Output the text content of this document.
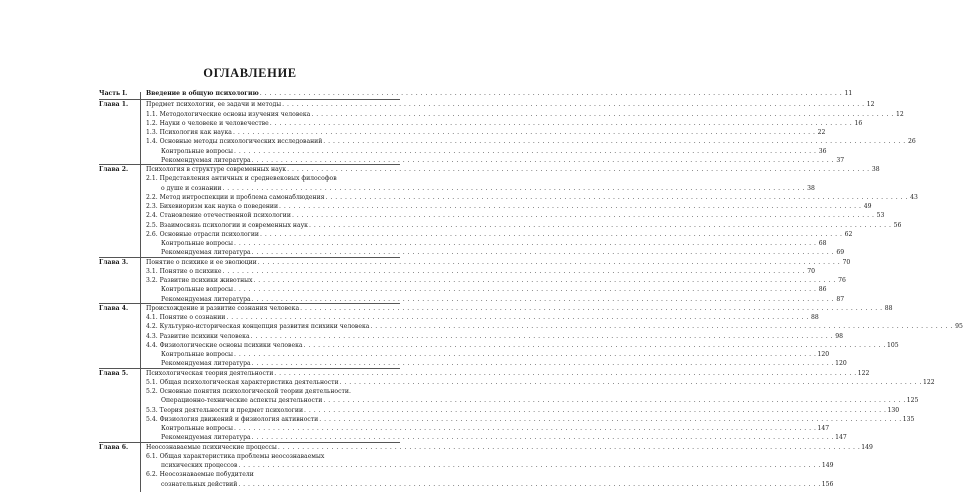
ОГЛАВЛЕНИЕ
Часть I.	Введение в общую психологию . . . . . . . . . . . . . . . . . . . . . . . . . . . . . . . . . . . . . . . . . . . . . . . . . . . . . . . . . . . . . . . . . . . . . . . . . . . . . . . . . . . . . . . . . . . . . . . . . . . . . . . . . . . . . . . . . . . . . . . . 11
Глава 1.	Предмет психологии, ее задачи и методы . . . . . . . . . . . . . . . . . . . . . . . . . . . . . . . . . . . . . . . . . . . . . . . . . . . . . . . . . . . . . . . . . . . . . . . . . . . . . . . . . . . . . . . . . . . . . . . . . . . . . . . . . . . . . . . . . . . . . . . . 12
1.1. Методологические основы изучения человека . . . . . . . . . . . . . . . . . . . . . . . . . . . . . . . . . . . . . . . . . . . . . . . . . . . . . . . . . . . . . . . . . . . . . . . . . . . . . . . . . . . . . . . . . . . . . . . . . . . . . . . . . . . . . . . . . . . . . . . . 12
1.2. Науки о человеке и человечестве . . . . . . . . . . . . . . . . . . . . . . . . . . . . . . . . . . . . . . . . . . . . . . . . . . . . . . . . . . . . . . . . . . . . . . . . . . . . . . . . . . . . . . . . . . . . . . . . . . . . . . . . . . . . . . . . . . . . . . . . 16
1.3. Психология как наука . . . . . . . . . . . . . . . . . . . . . . . . . . . . . . . . . . . . . . . . . . . . . . . . . . . . . . . . . . . . . . . . . . . . . . . . . . . . . . . . . . . . . . . . . . . . . . . . . . . . . . . . . . . . . . . . . . . . . . . . 22
1.4. Основные методы психологических исследований . . . . . . . . . . . . . . . . . . . . . . . . . . . . . . . . . . . . . . . . . . . . . . . . . . . . . . . . . . . . . . . . . . . . . . . . . . . . . . . . . . . . . . . . . . . . . . . . . . . . . . . . . . . . . . . . . . . . . . . . 26
Контрольные вопросы . . . . . . . . . . . . . . . . . . . . . . . . . . . . . . . . . . . . . . . . . . . . . . . . . . . . . . . . . . . . . . . . . . . . . . . . . . . . . . . . . . . . . . . . . . . . . . . . . . . . . . . . . . . . . . . . . . . . . . . . 36
Рекомендуемая литература . . . . . . . . . . . . . . . . . . . . . . . . . . . . . . . . . . . . . . . . . . . . . . . . . . . . . . . . . . . . . . . . . . . . . . . . . . . . . . . . . . . . . . . . . . . . . . . . . . . . . . . . . . . . . . . . . . . . . . . . 37
Глава 2.	Психология в структуре современных наук . . . . . . . . . . . . . . . . . . . . . . . . . . . . . . . . . . . . . . . . . . . . . . . . . . . . . . . . . . . . . . . . . . . . . . . . . . . . . . . . . . . . . . . . . . . . . . . . . . . . . . . . . . . . . . . . . . . . . . . . 38
2.1. Представления античных и средневековых философов
о душе и сознании . . . . . . . . . . . . . . . . . . . . . . . . . . . . . . . . . . . . . . . . . . . . . . . . . . . . . . . . . . . . . . . . . . . . . . . . . . . . . . . . . . . . . . . . . . . . . . . . . . . . . . . . . . . . . . . . . . . . . . . . 38
2.2. Метод интроспекции и проблема самонаблюдения . . . . . . . . . . . . . . . . . . . . . . . . . . . . . . . . . . . . . . . . . . . . . . . . . . . . . . . . . . . . . . . . . . . . . . . . . . . . . . . . . . . . . . . . . . . . . . . . . . . . . . . . . . . . . . . . . . . . . . . . 43
2.3. Бихевиоризм как наука о поведении . . . . . . . . . . . . . . . . . . . . . . . . . . . . . . . . . . . . . . . . . . . . . . . . . . . . . . . . . . . . . . . . . . . . . . . . . . . . . . . . . . . . . . . . . . . . . . . . . . . . . . . . . . . . . . . . . . . . . . . . 49
2.4. Становление отечественной психологии . . . . . . . . . . . . . . . . . . . . . . . . . . . . . . . . . . . . . . . . . . . . . . . . . . . . . . . . . . . . . . . . . . . . . . . . . . . . . . . . . . . . . . . . . . . . . . . . . . . . . . . . . . . . . . . . . . . . . . . . 53
2.5. Взаимосвязь психологии и современных наук . . . . . . . . . . . . . . . . . . . . . . . . . . . . . . . . . . . . . . . . . . . . . . . . . . . . . . . . . . . . . . . . . . . . . . . . . . . . . . . . . . . . . . . . . . . . . . . . . . . . . . . . . . . . . . . . . . . . . . . . 56
2.6. Основные отрасли психологии . . . . . . . . . . . . . . . . . . . . . . . . . . . . . . . . . . . . . . . . . . . . . . . . . . . . . . . . . . . . . . . . . . . . . . . . . . . . . . . . . . . . . . . . . . . . . . . . . . . . . . . . . . . . . . . . . . . . . . . . 62
Контрольные вопросы . . . . . . . . . . . . . . . . . . . . . . . . . . . . . . . . . . . . . . . . . . . . . . . . . . . . . . . . . . . . . . . . . . . . . . . . . . . . . . . . . . . . . . . . . . . . . . . . . . . . . . . . . . . . . . . . . . . . . . . . 68
Рекомендуемая литература . . . . . . . . . . . . . . . . . . . . . . . . . . . . . . . . . . . . . . . . . . . . . . . . . . . . . . . . . . . . . . . . . . . . . . . . . . . . . . . . . . . . . . . . . . . . . . . . . . . . . . . . . . . . . . . . . . . . . . . . 69
Глава 3.	Понятие о психике и ее эволюции . . . . . . . . . . . . . . . . . . . . . . . . . . . . . . . . . . . . . . . . . . . . . . . . . . . . . . . . . . . . . . . . . . . . . . . . . . . . . . . . . . . . . . . . . . . . . . . . . . . . . . . . . . . . . . . . . . . . . . . . 70
3.1. Понятие о психике . . . . . . . . . . . . . . . . . . . . . . . . . . . . . . . . . . . . . . . . . . . . . . . . . . . . . . . . . . . . . . . . . . . . . . . . . . . . . . . . . . . . . . . . . . . . . . . . . . . . . . . . . . . . . . . . . . . . . . . . 70
3.2. Развитие психики животных . . . . . . . . . . . . . . . . . . . . . . . . . . . . . . . . . . . . . . . . . . . . . . . . . . . . . . . . . . . . . . . . . . . . . . . . . . . . . . . . . . . . . . . . . . . . . . . . . . . . . . . . . . . . . . . . . . . . . . . . 76
Контрольные вопросы . . . . . . . . . . . . . . . . . . . . . . . . . . . . . . . . . . . . . . . . . . . . . . . . . . . . . . . . . . . . . . . . . . . . . . . . . . . . . . . . . . . . . . . . . . . . . . . . . . . . . . . . . . . . . . . . . . . . . . . . 86
Рекомендуемая литература . . . . . . . . . . . . . . . . . . . . . . . . . . . . . . . . . . . . . . . . . . . . . . . . . . . . . . . . . . . . . . . . . . . . . . . . . . . . . . . . . . . . . . . . . . . . . . . . . . . . . . . . . . . . . . . . . . . . . . . . 87
Глава 4.	Происхождение и развитие сознания человека . . . . . . . . . . . . . . . . . . . . . . . . . . . . . . . . . . . . . . . . . . . . . . . . . . . . . . . . . . . . . . . . . . . . . . . . . . . . . . . . . . . . . . . . . . . . . . . . . . . . . . . . . . . . . . . . . . . . . . . . 88
4.1. Понятие о сознании . . . . . . . . . . . . . . . . . . . . . . . . . . . . . . . . . . . . . . . . . . . . . . . . . . . . . . . . . . . . . . . . . . . . . . . . . . . . . . . . . . . . . . . . . . . . . . . . . . . . . . . . . . . . . . . . . . . . . . . . 88
4.2. Культурно-историческая концепция развития психики человека . . . . . . . . . . . . . . . . . . . . . . . . . . . . . . . . . . . . . . . . . . . . . . . . . . . . . . . . . . . . . . . . . . . . . . . . . . . . . . . . . . . . . . . . . . . . . . . . . . . . . . . . . . . . . . . . . . . . . . . . 95
4.3. Развитие психики человека . . . . . . . . . . . . . . . . . . . . . . . . . . . . . . . . . . . . . . . . . . . . . . . . . . . . . . . . . . . . . . . . . . . . . . . . . . . . . . . . . . . . . . . . . . . . . . . . . . . . . . . . . . . . . . . . . . . . . . . . 98
4.4. Физиологические основы психики человека . . . . . . . . . . . . . . . . . . . . . . . . . . . . . . . . . . . . . . . . . . . . . . . . . . . . . . . . . . . . . . . . . . . . . . . . . . . . . . . . . . . . . . . . . . . . . . . . . . . . . . . . . . . . . . . . . . . . . . . . 105
Контрольные вопросы . . . . . . . . . . . . . . . . . . . . . . . . . . . . . . . . . . . . . . . . . . . . . . . . . . . . . . . . . . . . . . . . . . . . . . . . . . . . . . . . . . . . . . . . . . . . . . . . . . . . . . . . . . . . . . . . . . . . . . . . 120
Рекомендуемая литература . . . . . . . . . . . . . . . . . . . . . . . . . . . . . . . . . . . . . . . . . . . . . . . . . . . . . . . . . . . . . . . . . . . . . . . . . . . . . . . . . . . . . . . . . . . . . . . . . . . . . . . . . . . . . . . . . . . . . . . . 120
Глава 5.	Психологическая теория деятельности . . . . . . . . . . . . . . . . . . . . . . . . . . . . . . . . . . . . . . . . . . . . . . . . . . . . . . . . . . . . . . . . . . . . . . . . . . . . . . . . . . . . . . . . . . . . . . . . . . . . . . . . . . . . . . . . . . . . . . . . 122
5.1. Общая психологическая характеристика деятельности . . . . . . . . . . . . . . . . . . . . . . . . . . . . . . . . . . . . . . . . . . . . . . . . . . . . . . . . . . . . . . . . . . . . . . . . . . . . . . . . . . . . . . . . . . . . . . . . . . . . . . . . . . . . . . . . . . . . . . . . 122
5.2. Основные понятия психологической теории деятельности.
Операционно-технические аспекты деятельности . . . . . . . . . . . . . . . . . . . . . . . . . . . . . . . . . . . . . . . . . . . . . . . . . . . . . . . . . . . . . . . . . . . . . . . . . . . . . . . . . . . . . . . . . . . . . . . . . . . . . . . . . . . . . . . . . . . . . . . . 125
5.3. Теория деятельности и предмет психологии . . . . . . . . . . . . . . . . . . . . . . . . . . . . . . . . . . . . . . . . . . . . . . . . . . . . . . . . . . . . . . . . . . . . . . . . . . . . . . . . . . . . . . . . . . . . . . . . . . . . . . . . . . . . . . . . . . . . . . . . 130
5.4. Физиология движений и физиология активности . . . . . . . . . . . . . . . . . . . . . . . . . . . . . . . . . . . . . . . . . . . . . . . . . . . . . . . . . . . . . . . . . . . . . . . . . . . . . . . . . . . . . . . . . . . . . . . . . . . . . . . . . . . . . . . . . . . . . . . . 135
Контрольные вопросы . . . . . . . . . . . . . . . . . . . . . . . . . . . . . . . . . . . . . . . . . . . . . . . . . . . . . . . . . . . . . . . . . . . . . . . . . . . . . . . . . . . . . . . . . . . . . . . . . . . . . . . . . . . . . . . . . . . . . . . . 147
Рекомендуемая литература . . . . . . . . . . . . . . . . . . . . . . . . . . . . . . . . . . . . . . . . . . . . . . . . . . . . . . . . . . . . . . . . . . . . . . . . . . . . . . . . . . . . . . . . . . . . . . . . . . . . . . . . . . . . . . . . . . . . . . . . 147
Глава 6.	Неосознаваемые психические процессы . . . . . . . . . . . . . . . . . . . . . . . . . . . . . . . . . . . . . . . . . . . . . . . . . . . . . . . . . . . . . . . . . . . . . . . . . . . . . . . . . . . . . . . . . . . . . . . . . . . . . . . . . . . . . . . . . . . . . . . . 149
6.1. Общая характеристика проблемы неосознаваемых
психических процессов . . . . . . . . . . . . . . . . . . . . . . . . . . . . . . . . . . . . . . . . . . . . . . . . . . . . . . . . . . . . . . . . . . . . . . . . . . . . . . . . . . . . . . . . . . . . . . . . . . . . . . . . . . . . . . . . . . . . . . . . 149
6.2. Неосознаваемые побудители
сознательных действий . . . . . . . . . . . . . . . . . . . . . . . . . . . . . . . . . . . . . . . . . . . . . . . . . . . . . . . . . . . . . . . . . . . . . . . . . . . . . . . . . . . . . . . . . . . . . . . . . . . . . . . . . . . . . . . . . . . . . . . . 156
